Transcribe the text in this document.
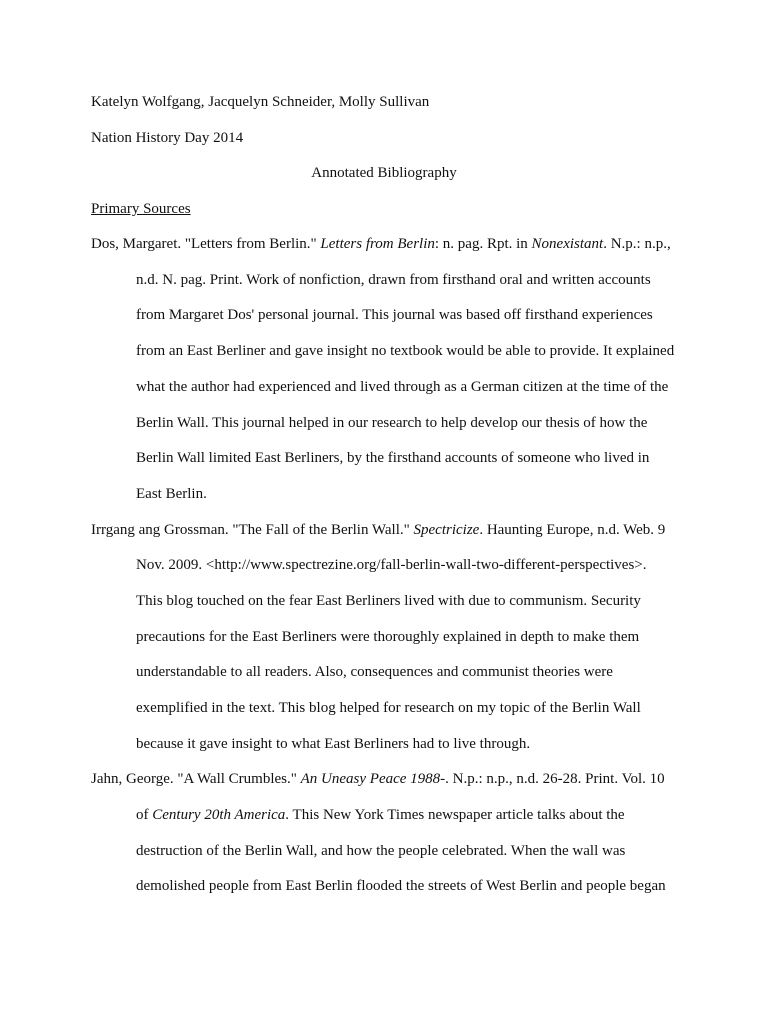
Katelyn Wolfgang, Jacquelyn Schneider, Molly Sullivan
Nation History Day 2014
Annotated Bibliography
Primary Sources
Dos, Margaret. "Letters from Berlin." Letters from Berlin: n. pag. Rpt. in Nonexistant. N.p.: n.p.,
n.d. N. pag. Print. Work of nonfiction, drawn from firsthand oral and written accounts
from Margaret Dos' personal journal. This journal was based off firsthand experiences
from an East Berliner and gave insight no textbook would be able to provide. It explained
what the author had experienced and lived through as a German citizen at the time of the
Berlin Wall. This journal helped in our research to help develop our thesis of how the
Berlin Wall limited East Berliners, by the firsthand accounts of someone who lived in
East Berlin.
Irrgang ang Grossman. "The Fall of the Berlin Wall." Spectricize. Haunting Europe, n.d. Web. 9
Nov. 2009. <http://www.spectrezine.org/fall-berlin-wall-two-different-perspectives>.
This blog touched on the fear East Berliners lived with due to communism. Security
precautions for the East Berliners were thoroughly explained in depth to make them
understandable to all readers. Also, consequences and communist theories were
exemplified in the text. This blog helped for research on my topic of the Berlin Wall
because it gave insight to what East Berliners had to live through.
Jahn, George. "A Wall Crumbles." An Uneasy Peace 1988-. N.p.: n.p., n.d. 26-28. Print. Vol. 10
of Century 20th America. This New York Times newspaper article talks about the
destruction of the Berlin Wall, and how the people celebrated. When the wall was
demolished people from East Berlin flooded the streets of West Berlin and people began
